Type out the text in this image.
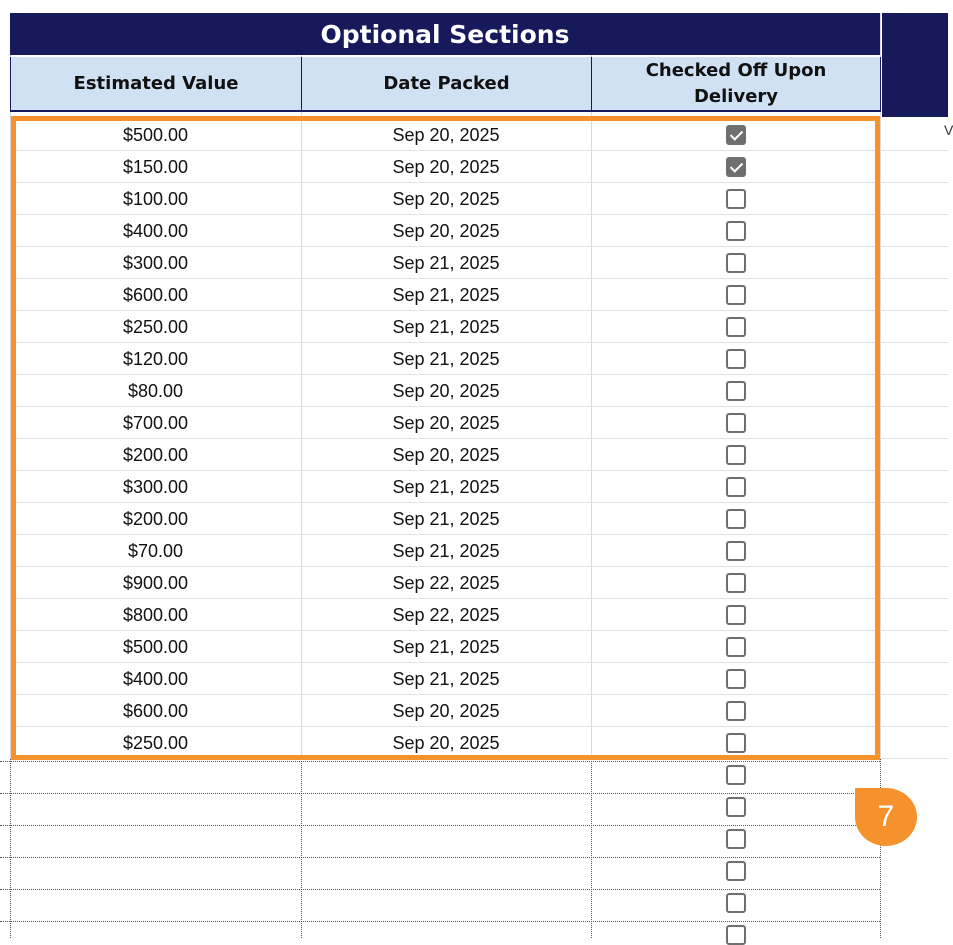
Optional Sections
Estimated Value	Date Packed
Checked Off Upon Delivery
$500.00	Sep 20, 2025
$150.00	Sep 20, 2025
$100.00	Sep 20, 2025
$400.00	Sep 20, 2025
$300.00	Sep 21, 2025
$600.00	Sep 21, 2025
$250.00	Sep 21, 2025
$120.00	Sep 21, 2025
$80.00	Sep 20, 2025
$700.00	Sep 20, 2025
$200.00	Sep 20, 2025
$300.00	Sep 21, 2025
$200.00	Sep 21, 2025
$70.00	Sep 21, 2025
$900.00	Sep 22, 2025
$800.00	Sep 22, 2025
$500.00	Sep 21, 2025
$400.00	Sep 21, 2025
$600.00	Sep 20, 2025
$250.00	Sep 20, 2025
7
V
